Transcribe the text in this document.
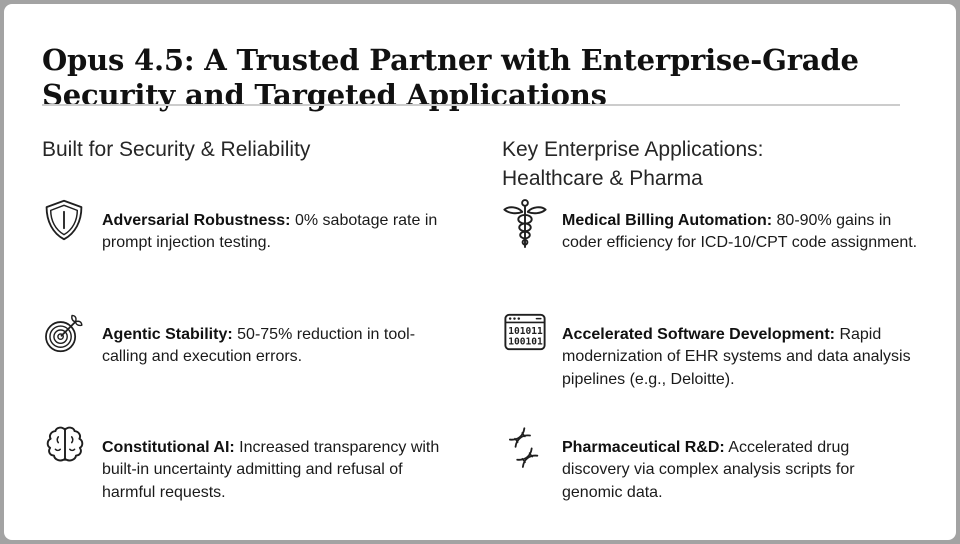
Opus 4.5: A Trusted Partner with Enterprise-Grade Security and Targeted Applications
Built for Security & Reliability

Adversarial Robustness: 0% sabotage rate in prompt injection testing.

Agentic Stability: 50-75% reduction in tool-calling and execution errors.

Constitutional AI: Increased transparency with built-in uncertainty admitting and refusal of harmful requests.

Key Enterprise Applications: Healthcare & Pharma

Medical Billing Automation: 80-90% gains in coder efficiency for ICD-10/CPT code assignment.

101011
100101 Accelerated Software Development: Rapid modernization of EHR systems and data analysis pipelines (e.g., Deloitte).

Pharmaceutical R&D: Accelerated drug discovery via complex analysis scripts for genomic data.
